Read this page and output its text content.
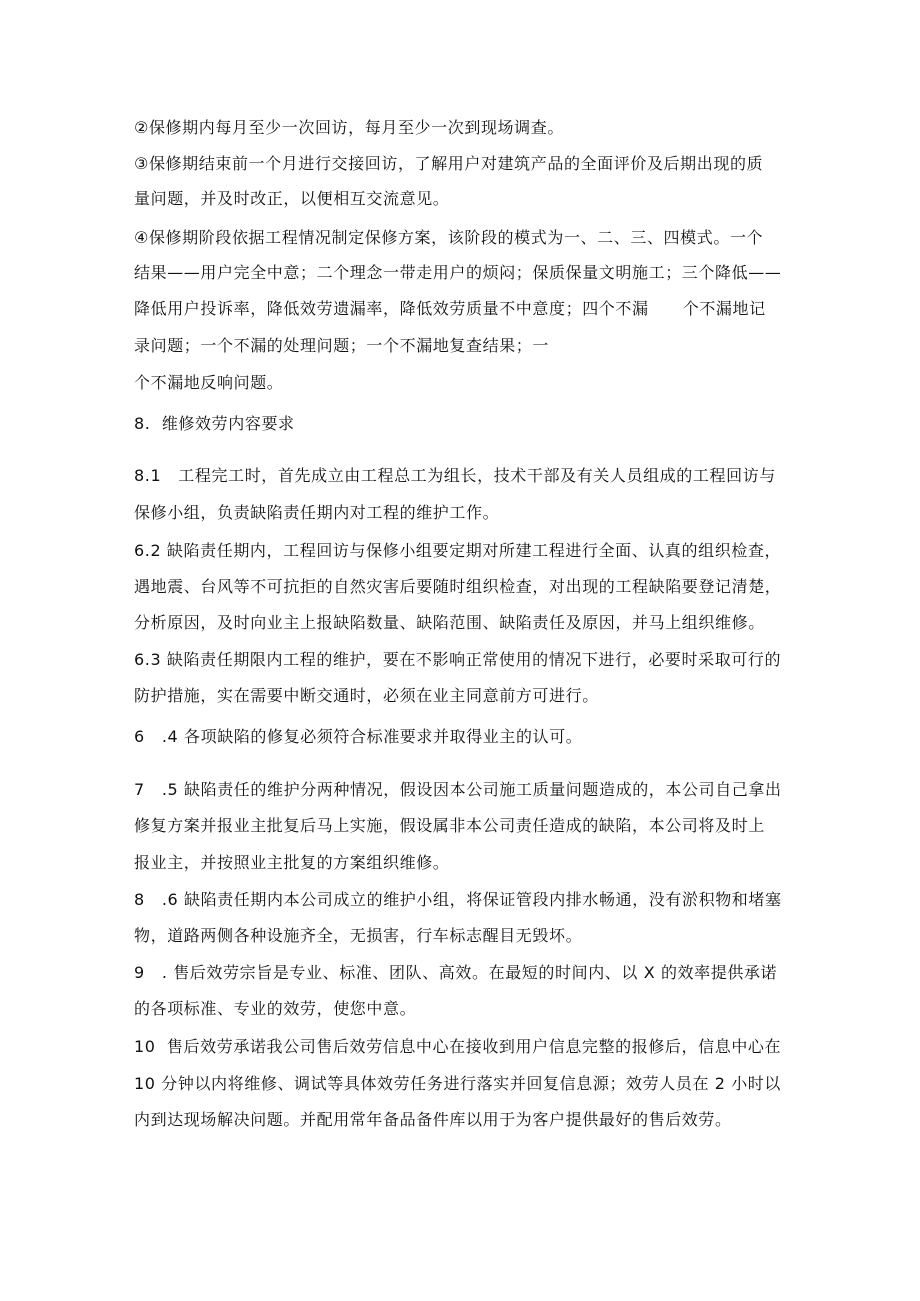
②保修期内每月至少一次回访，每月至少一次到现场调查。
③保修期结束前一个月进行交接回访，了解用户对建筑产品的全面评价及后期出现的质
量问题，并及时改正，以便相互交流意见。
④保修期阶段依据工程情况制定保修方案，该阶段的模式为一、二、三、四模式。一个
结果——用户完全中意；二个理念一带走用户的烦闷；保质保量文明施工；三个降低——
降低用户投诉率，降低效劳遗漏率，降低效劳质量不中意度；四个不漏      个不漏地记
录问题；一个不漏的处理问题；一个不漏地复查结果；一
个不漏地反响问题。
8.  维修效劳内容要求
8.1   工程完工时，首先成立由工程总工为组长，技术干部及有关人员组成的工程回访与
保修小组，负责缺陷责任期内对工程的维护工作。
6.2 缺陷责任期内，工程回访与保修小组要定期对所建工程进行全面、认真的组织检查，
遇地震、台风等不可抗拒的自然灾害后要随时组织检查，对出现的工程缺陷要登记清楚，
分析原因，及时向业主上报缺陷数量、缺陷范围、缺陷责任及原因，并马上组织维修。
6.3 缺陷责任期限内工程的维护，要在不影响正常使用的情况下进行，必要时采取可行的
防护措施，实在需要中断交通时，必须在业主同意前方可进行。
6   .4 各项缺陷的修复必须符合标准要求并取得业主的认可。
7   .5 缺陷责任的维护分两种情况，假设因本公司施工质量问题造成的，本公司自己拿出
修复方案并报业主批复后马上实施，假设属非本公司责任造成的缺陷，本公司将及时上
报业主，并按照业主批复的方案组织维修。
8   .6 缺陷责任期内本公司成立的维护小组，将保证管段内排水畅通，没有淤积物和堵塞
物，道路两侧各种设施齐全，无损害，行车标志醒目无毁坏。
9   . 售后效劳宗旨是专业、标准、团队、高效。在最短的时间内、以 X 的效率提供承诺
的各项标准、专业的效劳，使您中意。
10  售后效劳承诺我公司售后效劳信息中心在接收到用户信息完整的报修后，信息中心在
10 分钟以内将维修、调试等具体效劳任务进行落实并回复信息源；效劳人员在 2 小时以
内到达现场解决问题。并配用常年备品备件库以用于为客户提供最好的售后效劳。
